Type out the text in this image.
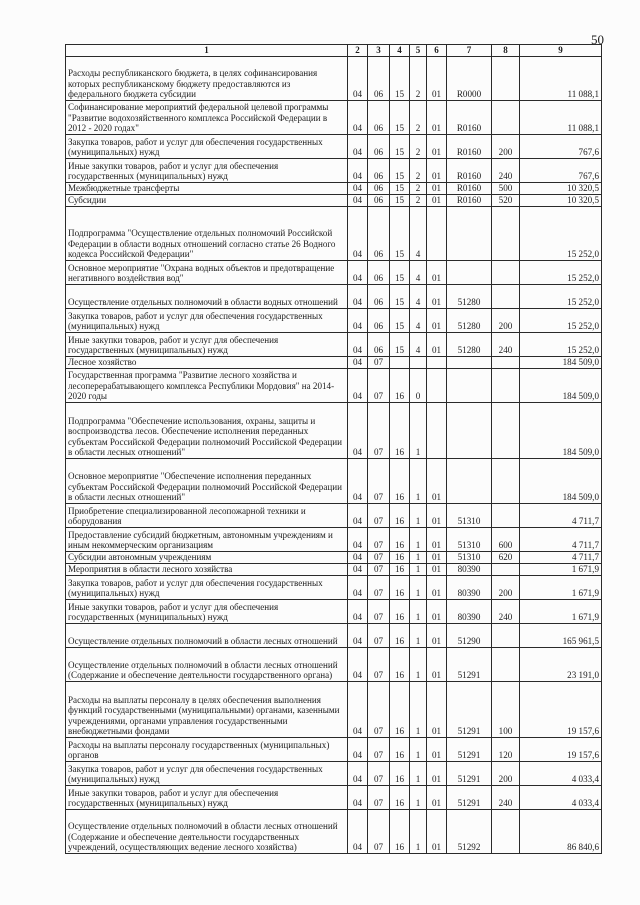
50
1	2	3	4	5	6	7	8	9
Расходы республиканского бюджета, в целях софинансирования которых республиканскому бюджету предоставляются из федерального бюджета субсидии	04	06	15	2	01	R0000		11 088,1
Софинансирование мероприятий федеральной целевой программы "Развитие водохозяйственного комплекса Российской Федерации в 2012 - 2020 годах"	04	06	15	2	01	R0160		11 088,1
Закупка товаров, работ и услуг для обеспечения государственных (муниципальных) нужд	04	06	15	2	01	R0160	200	767,6
Иные закупки товаров, работ и услуг для обеспечения государственных (муниципальных) нужд	04	06	15	2	01	R0160	240	767,6
Межбюджетные трансферты	04	06	15	2	01	R0160	500	10 320,5
Субсидии	04	06	15	2	01	R0160	520	10 320,5
Подпрограмма "Осуществление отдельных полномочий Российской Федерации в области водных отношений согласно статье 26 Водного кодекса Российской Федерации"	04	06	15	4				15 252,0
Основное мероприятие "Охрана водных объектов и предотвращение негативного воздействия вод"	04	06	15	4	01			15 252,0
Осуществление отдельных полномочий в области водных отношений	04	06	15	4	01	51280		15 252,0
Закупка товаров, работ и услуг для обеспечения государственных (муниципальных) нужд	04	06	15	4	01	51280	200	15 252,0
Иные закупки товаров, работ и услуг для обеспечения государственных (муниципальных) нужд	04	06	15	4	01	51280	240	15 252,0
Лесное хозяйство	04	07						184 509,0
Государственная программа "Развитие лесного хозяйства и лесоперерабатывающего комплекса Республики Мордовия" на 2014-2020 годы	04	07	16	0				184 509,0
Подпрограмма "Обеспечение использования, охраны, защиты и воспроизводства лесов. Обеспечение исполнения переданных субъектам Российской Федерации полномочий Российской Федерации в области лесных отношений"	04	07	16	1				184 509,0
Основное мероприятие "Обеспечение исполнения переданных субъектам Российской Федерации полномочий Российской Федерации в области лесных отношений"	04	07	16	1	01			184 509,0
Приобретение специализированной лесопожарной техники и оборудования	04	07	16	1	01	51310		4 711,7
Предоставление субсидий бюджетным, автономным учреждениям и иным некоммерческим организациям	04	07	16	1	01	51310	600	4 711,7
Субсидии автономным учреждениям	04	07	16	1	01	51310	620	4 711,7
Мероприятия в области лесного хозяйства	04	07	16	1	01	80390		1 671,9
Закупка товаров, работ и услуг для обеспечения государственных (муниципальных) нужд	04	07	16	1	01	80390	200	1 671,9
Иные закупки товаров, работ и услуг для обеспечения государственных (муниципальных) нужд	04	07	16	1	01	80390	240	1 671,9
Осуществление отдельных полномочий в области лесных отношений	04	07	16	1	01	51290		165 961,5
Осуществление отдельных полномочий в области лесных отношений (Содержание и обеспечение деятельности государственного органа)	04	07	16	1	01	51291		23 191,0
Расходы на выплаты персоналу в целях обеспечения выполнения функций государственными (муниципальными) органами, казенными учреждениями, органами управления государственными внебюджетными фондами	04	07	16	1	01	51291	100	19 157,6
Расходы на выплаты персоналу государственных (муниципальных) органов	04	07	16	1	01	51291	120	19 157,6
Закупка товаров, работ и услуг для обеспечения государственных (муниципальных) нужд	04	07	16	1	01	51291	200	4 033,4
Иные закупки товаров, работ и услуг для обеспечения государственных (муниципальных) нужд	04	07	16	1	01	51291	240	4 033,4
Осуществление отдельных полномочий в области лесных отношений (Содержание и обеспечение деятельности государственных учреждений, осуществляющих ведение лесного хозяйства)	04	07	16	1	01	51292		86 840,6
